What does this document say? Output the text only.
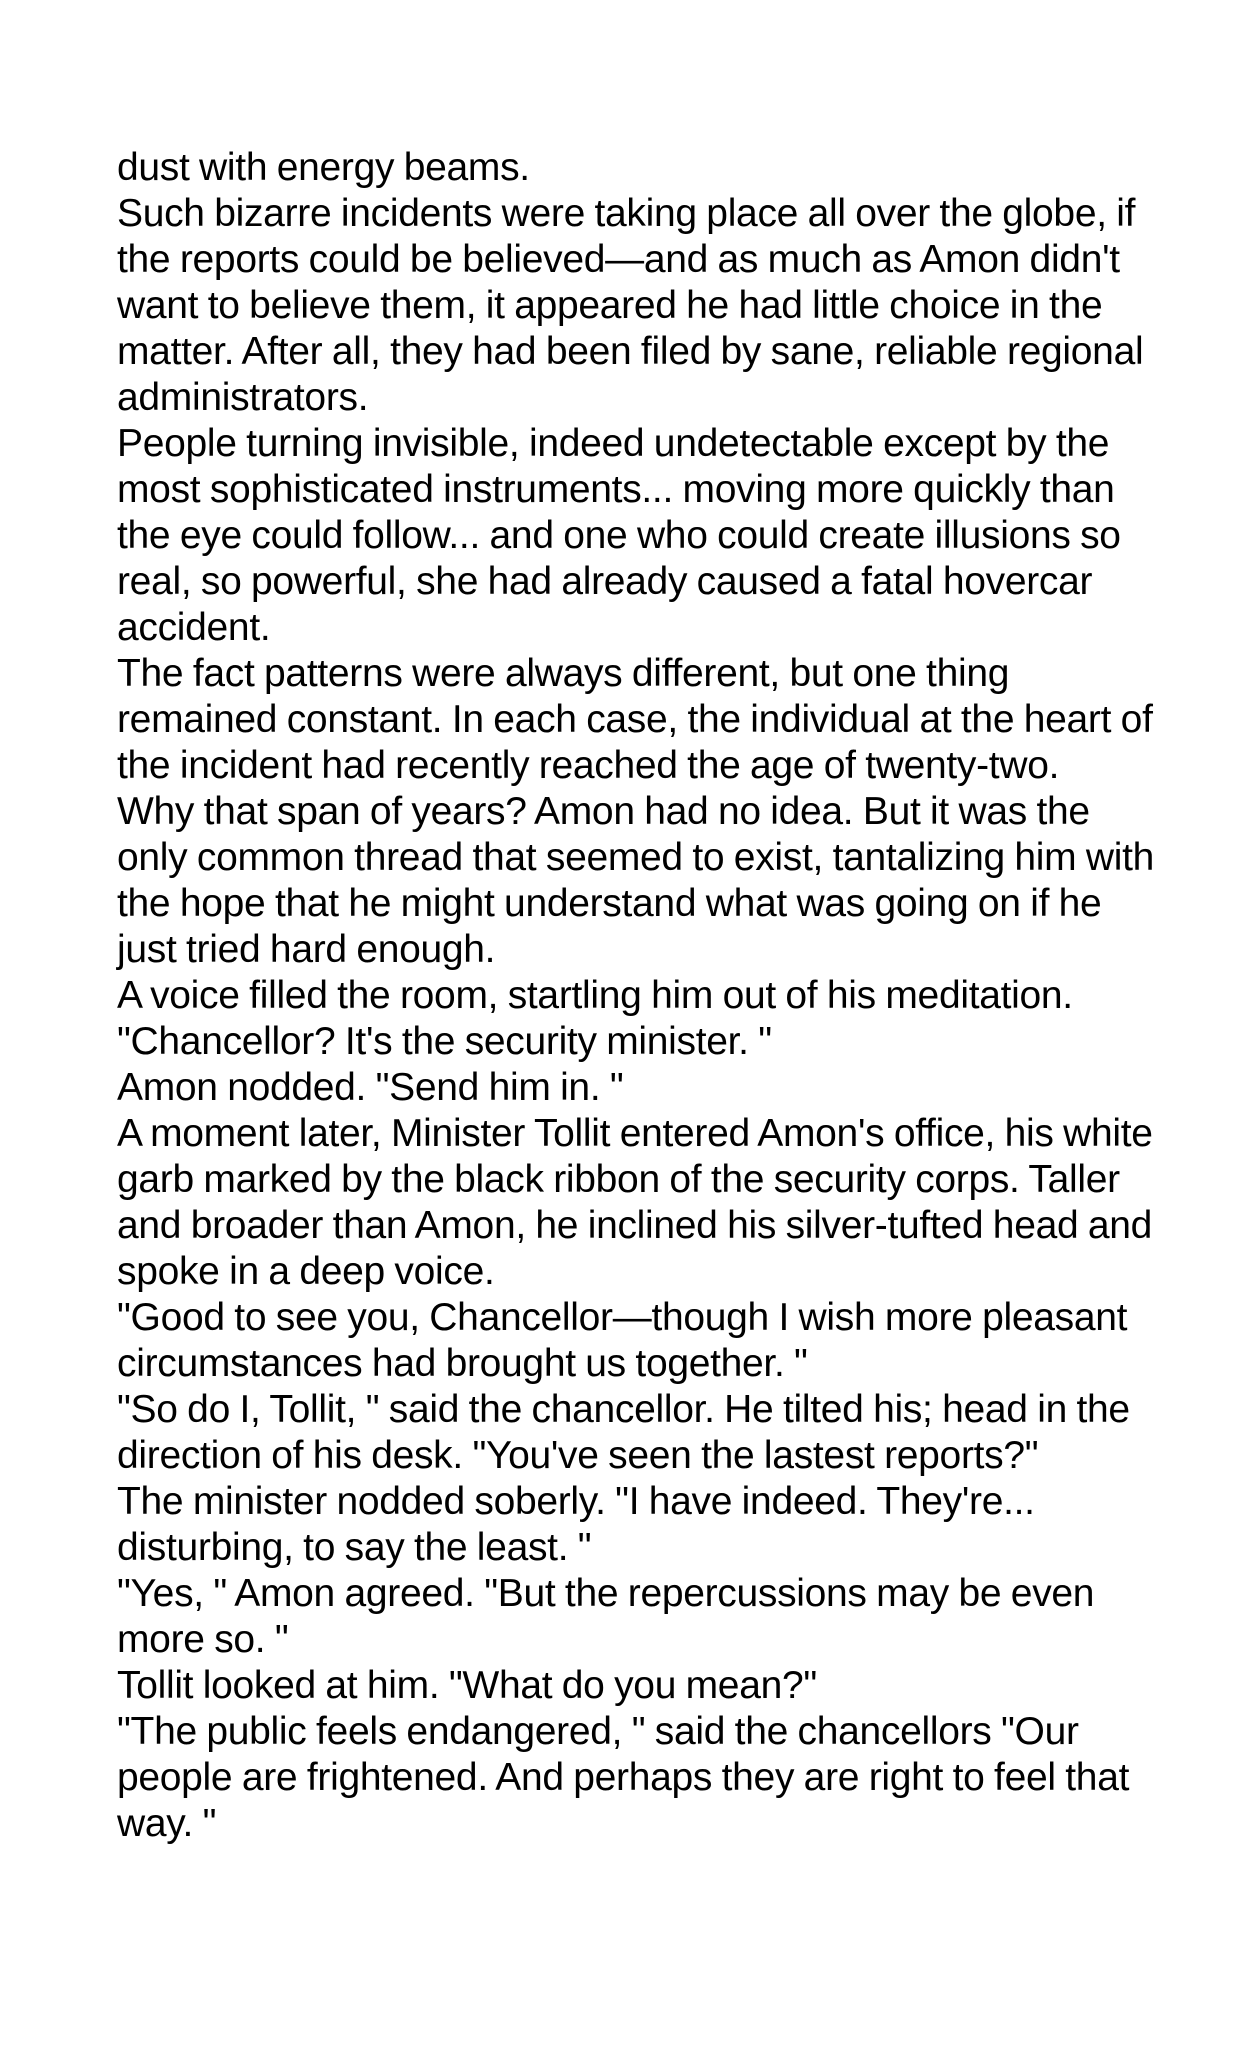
dust with energy beams.

Such bizarre incidents were taking place all over the globe, if the reports could be believed—and as much as Amon didn't want to believe them, it appeared he had little choice in the matter. After all, they had been filed by sane, reliable regional administrators.

People turning invisible, indeed undetectable except by the most sophisticated instruments... moving more quickly than the eye could follow... and one who could create illusions so real, so powerful, she had already caused a fatal hovercar accident.

The fact patterns were always different, but one thing remained constant. In each case, the individual at the heart of the incident had recently reached the age of twenty-two.

Why that span of years? Amon had no idea. But it was the only common thread that seemed to exist, tantalizing him with the hope that he might understand what was going on if he just tried hard enough.

A voice filled the room, startling him out of his meditation.

"Chancellor? It's the security minister. "

Amon nodded. "Send him in. "

A moment later, Minister Tollit entered Amon's office, his white garb marked by the black ribbon of the security corps. Taller and broader than Amon, he inclined his silver-tufted head and spoke in a deep voice.

"Good to see you, Chancellor—though I wish more pleasant circumstances had brought us together. "

"So do I, Tollit, " said the chancellor. He tilted his; head in the direction of his desk. "You've seen the lastest reports?"

The minister nodded soberly. "I have indeed. They're... disturbing, to say the least. "

"Yes, " Amon agreed. "But the repercussions may be even more so. "

Tollit looked at him. "What do you mean?"

"The public feels endangered, " said the chancellors "Our people are frightened. And perhaps they are right to feel that way. "
